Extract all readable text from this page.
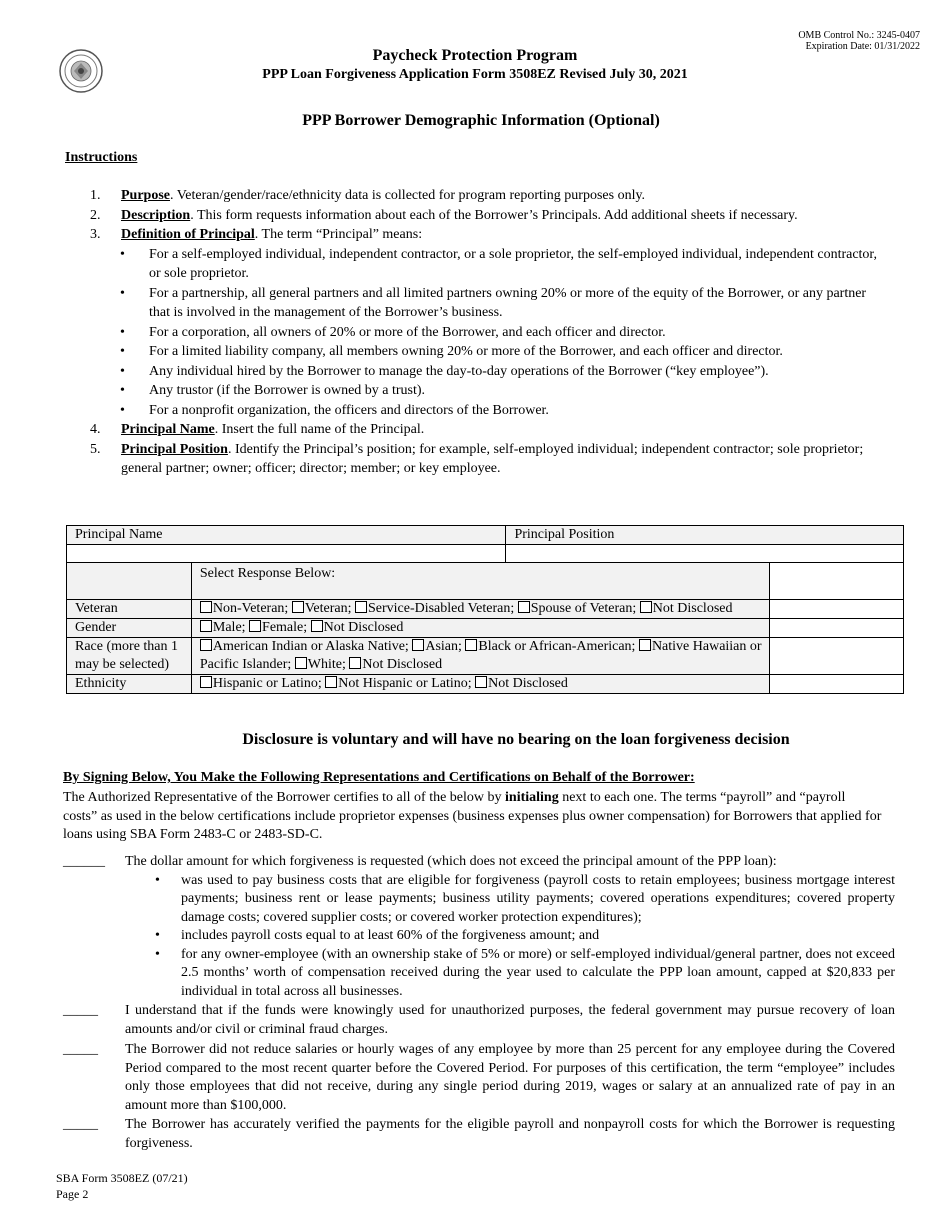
OMB Control No.: 3245-0407
Expiration Date: 01/31/2022
Paycheck Protection Program
PPP Loan Forgiveness Application Form 3508EZ Revised July 30, 2021
PPP Borrower Demographic Information (Optional)
Instructions
1. Purpose. Veteran/gender/race/ethnicity data is collected for program reporting purposes only.
2. Description. This form requests information about each of the Borrower’s Principals. Add additional sheets if necessary.
3. Definition of Principal. The term “Principal” means:
• For a self-employed individual, independent contractor, or a sole proprietor, the self-employed individual, independent contractor, or sole proprietor.
• For a partnership, all general partners and all limited partners owning 20% or more of the equity of the Borrower, or any partner that is involved in the management of the Borrower’s business.
• For a corporation, all owners of 20% or more of the Borrower, and each officer and director.
• For a limited liability company, all members owning 20% or more of the Borrower, and each officer and director.
• Any individual hired by the Borrower to manage the day-to-day operations of the Borrower (“key employee”).
• Any trustor (if the Borrower is owned by a trust).
• For a nonprofit organization, the officers and directors of the Borrower.
4. Principal Name. Insert the full name of the Principal.
5. Principal Position. Identify the Principal’s position; for example, self-employed individual; independent contractor; sole proprietor; general partner; owner; officer; director; member; or key employee.
Principal Name		Principal Position	

	Select Response Below:		
Veteran	Non-Veteran; Veteran; Service-Disabled Veteran; Spouse of Veteran; Not Disclosed		
Gender	Male; Female; Not Disclosed		
Race (more than 1 may be selected)	American Indian or Alaska Native; Asian; Black or African-American; Native Hawaiian or Pacific Islander; White; Not Disclosed		
Ethnicity	Hispanic or Latino; Not Hispanic or Latino; Not Disclosed		
Disclosure is voluntary and will have no bearing on the loan forgiveness decision
By Signing Below, You Make the Following Representations and Certifications on Behalf of the Borrower:
The Authorized Representative of the Borrower certifies to all of the below by initialing next to each one. The terms “payroll” and “payroll costs” as used in the below certifications include proprietor expenses (business expenses plus owner compensation) for Borrowers that applied for loans using SBA Form 2483-C or 2483-SD-C.
______ The dollar amount for which forgiveness is requested (which does not exceed the principal amount of the PPP loan):
• was used to pay business costs that are eligible for forgiveness (payroll costs to retain employees; business mortgage interest payments; business rent or lease payments; business utility payments; covered operations expenditures; covered property damage costs; covered supplier costs; or covered worker protection expenditures);
• includes payroll costs equal to at least 60% of the forgiveness amount; and
• for any owner-employee (with an ownership stake of 5% or more) or self-employed individual/general partner, does not exceed 2.5 months’ worth of compensation received during the year used to calculate the PPP loan amount, capped at $20,833 per individual in total across all businesses.
_____ I understand that if the funds were knowingly used for unauthorized purposes, the federal government may pursue recovery of loan amounts and/or civil or criminal fraud charges.
_____ The Borrower did not reduce salaries or hourly wages of any employee by more than 25 percent for any employee during the Covered Period compared to the most recent quarter before the Covered Period. For purposes of this certification, the term “employee” includes only those employees that did not receive, during any single period during 2019, wages or salary at an annualized rate of pay in an amount more than $100,000.
_____ The Borrower has accurately verified the payments for the eligible payroll and nonpayroll costs for which the Borrower is requesting forgiveness.
SBA Form 3508EZ (07/21)
Page 2
